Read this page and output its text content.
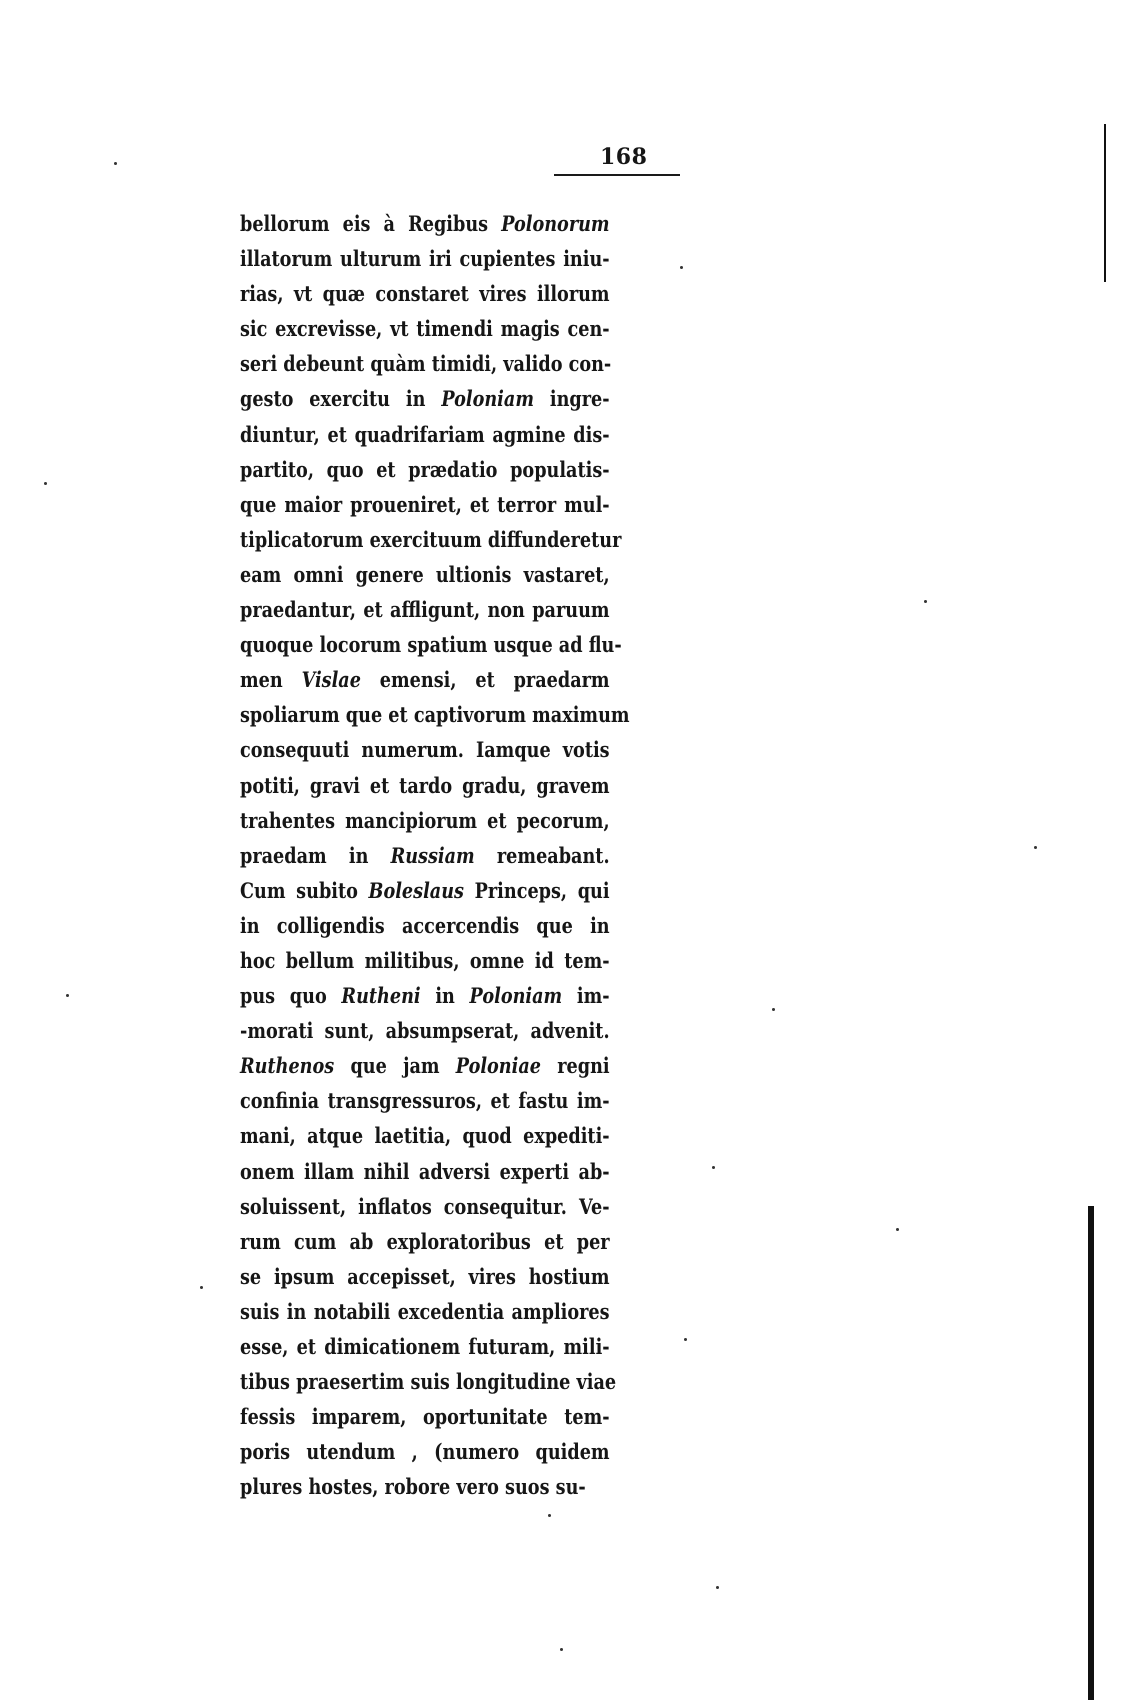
168
bellorum eis à Regibus Polonorum
illatorum ulturum iri cupientes iniu-
rias, vt quæ constaret vires illorum
sic excrevisse, vt timendi magis cen-
seri debeunt quàm timidi, valido con-
gesto exercitu in Poloniam ingre-
diuntur, et quadrifariam agmine dis-
partito, quo et prædatio populatis-
que maior proueniret, et terror mul-
tiplicatorum exercituum diffunderetur
eam omni genere ultionis vastaret,
praedantur, et affligunt, non paruum
quoque locorum spatium usque ad flu-
men Vislae emensi, et praedarm
spoliarum que et captivorum maximum
consequuti numerum. Iamque votis
potiti, gravi et tardo gradu, gravem
trahentes mancipiorum et pecorum,
praedam in Russiam remeabant.
Cum subito Boleslaus Princeps, qui
in colligendis accercendis que in
hoc bellum militibus, omne id tem-
pus quo Rutheni in Poloniam im-
-morati sunt, absumpserat, advenit.
Ruthenos que jam Poloniae regni
confinia transgressuros, et fastu im-
mani, atque laetitia, quod expediti-
onem illam nihil adversi experti ab-
soluissent, inflatos consequitur. Ve-
rum cum ab exploratoribus et per
se ipsum accepisset, vires hostium
suis in notabili excedentia ampliores
esse, et dimicationem futuram, mili-
tibus praesertim suis longitudine viae
fessis imparem, oportunitate tem-
poris utendum , (numero quidem
plures hostes, robore vero suos su-
